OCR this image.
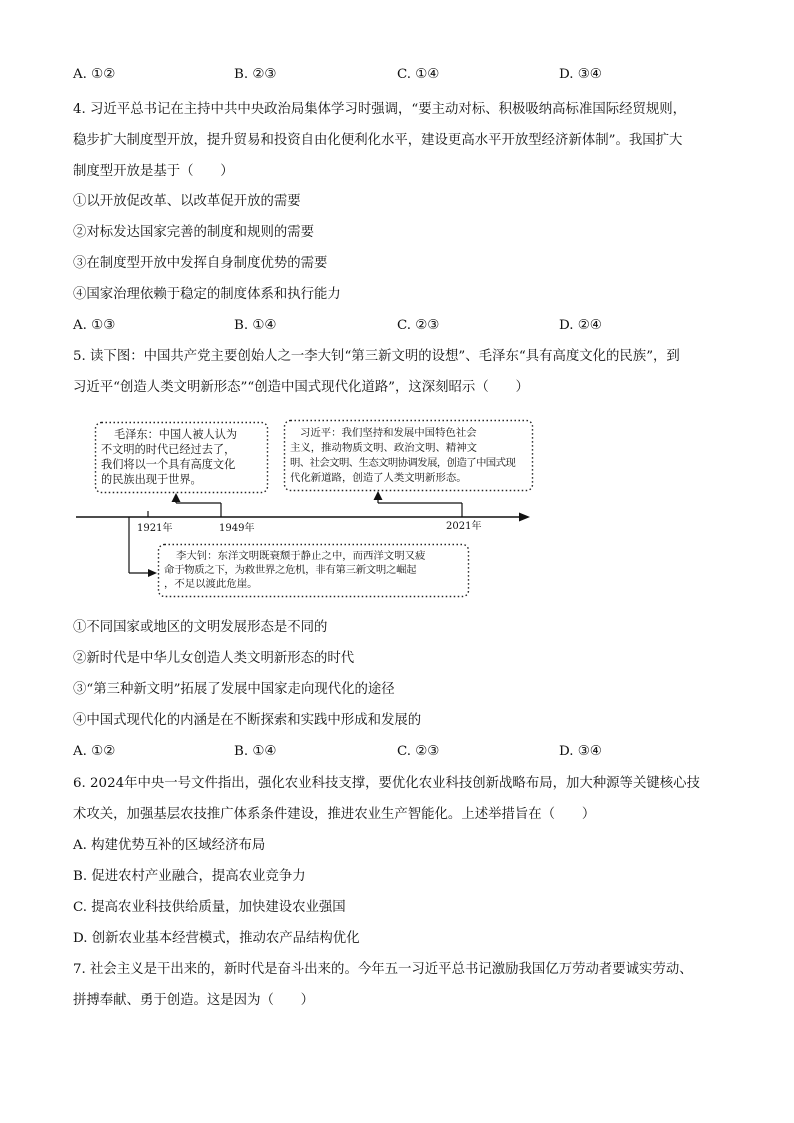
A. ①②	B. ②③	C. ①④	D. ③④
4. 习近平总书记在主持中共中央政治局集体学习时强调，“要主动对标、积极吸纳高标准国际经贸规则，
稳步扩大制度型开放，提升贸易和投资自由化便利化水平，建设更高水平开放型经济新体制”。我国扩大
制度型开放是基于（　　）
①以开放促改革、以改革促开放的需要
②对标发达国家完善的制度和规则的需要
③在制度型开放中发挥自身制度优势的需要
④国家治理依赖于稳定的制度体系和执行能力
A. ①③	B. ①④	C. ②③	D. ②④
5. 读下图：中国共产党主要创始人之一李大钊“第三新文明的设想”、毛泽东“具有高度文化的民族”，到
习近平“创造人类文明新形态”“创造中国式现代化道路”，这深刻昭示（　　）
毛泽东：中国人被人认为
不文明的时代已经过去了，
我们将以一个具有高度文化
的民族出现于世界。
习近平：我们坚持和发展中国特色社会
主义，推动物质文明、政治文明、精神文
明、社会文明、生态文明协调发展，创造了中国式现
代化新道路，创造了人类文明新形态。
李大钊：东洋文明既衰颓于静止之中，而西洋文明又疲
命于物质之下，为救世界之危机，非有第三新文明之崛起
，不足以渡此危崖。
1921年	1949年	2021年
①不同国家或地区的文明发展形态是不同的
②新时代是中华儿女创造人类文明新形态的时代
③“第三种新文明”拓展了发展中国家走向现代化的途径
④中国式现代化的内涵是在不断探索和实践中形成和发展的
A. ①②	B. ①④	C. ②③	D. ③④
6. 2024年中央一号文件指出，强化农业科技支撑，要优化农业科技创新战略布局，加大种源等关键核心技
术攻关，加强基层农技推广体系条件建设，推进农业生产智能化。上述举措旨在（　　）
A. 构建优势互补的区域经济布局
B. 促进农村产业融合，提高农业竞争力
C. 提高农业科技供给质量，加快建设农业强国
D. 创新农业基本经营模式，推动农产品结构优化
7. 社会主义是干出来的，新时代是奋斗出来的。今年五一习近平总书记激励我国亿万劳动者要诚实劳动、
拼搏奉献、勇于创造。这是因为（　　）
